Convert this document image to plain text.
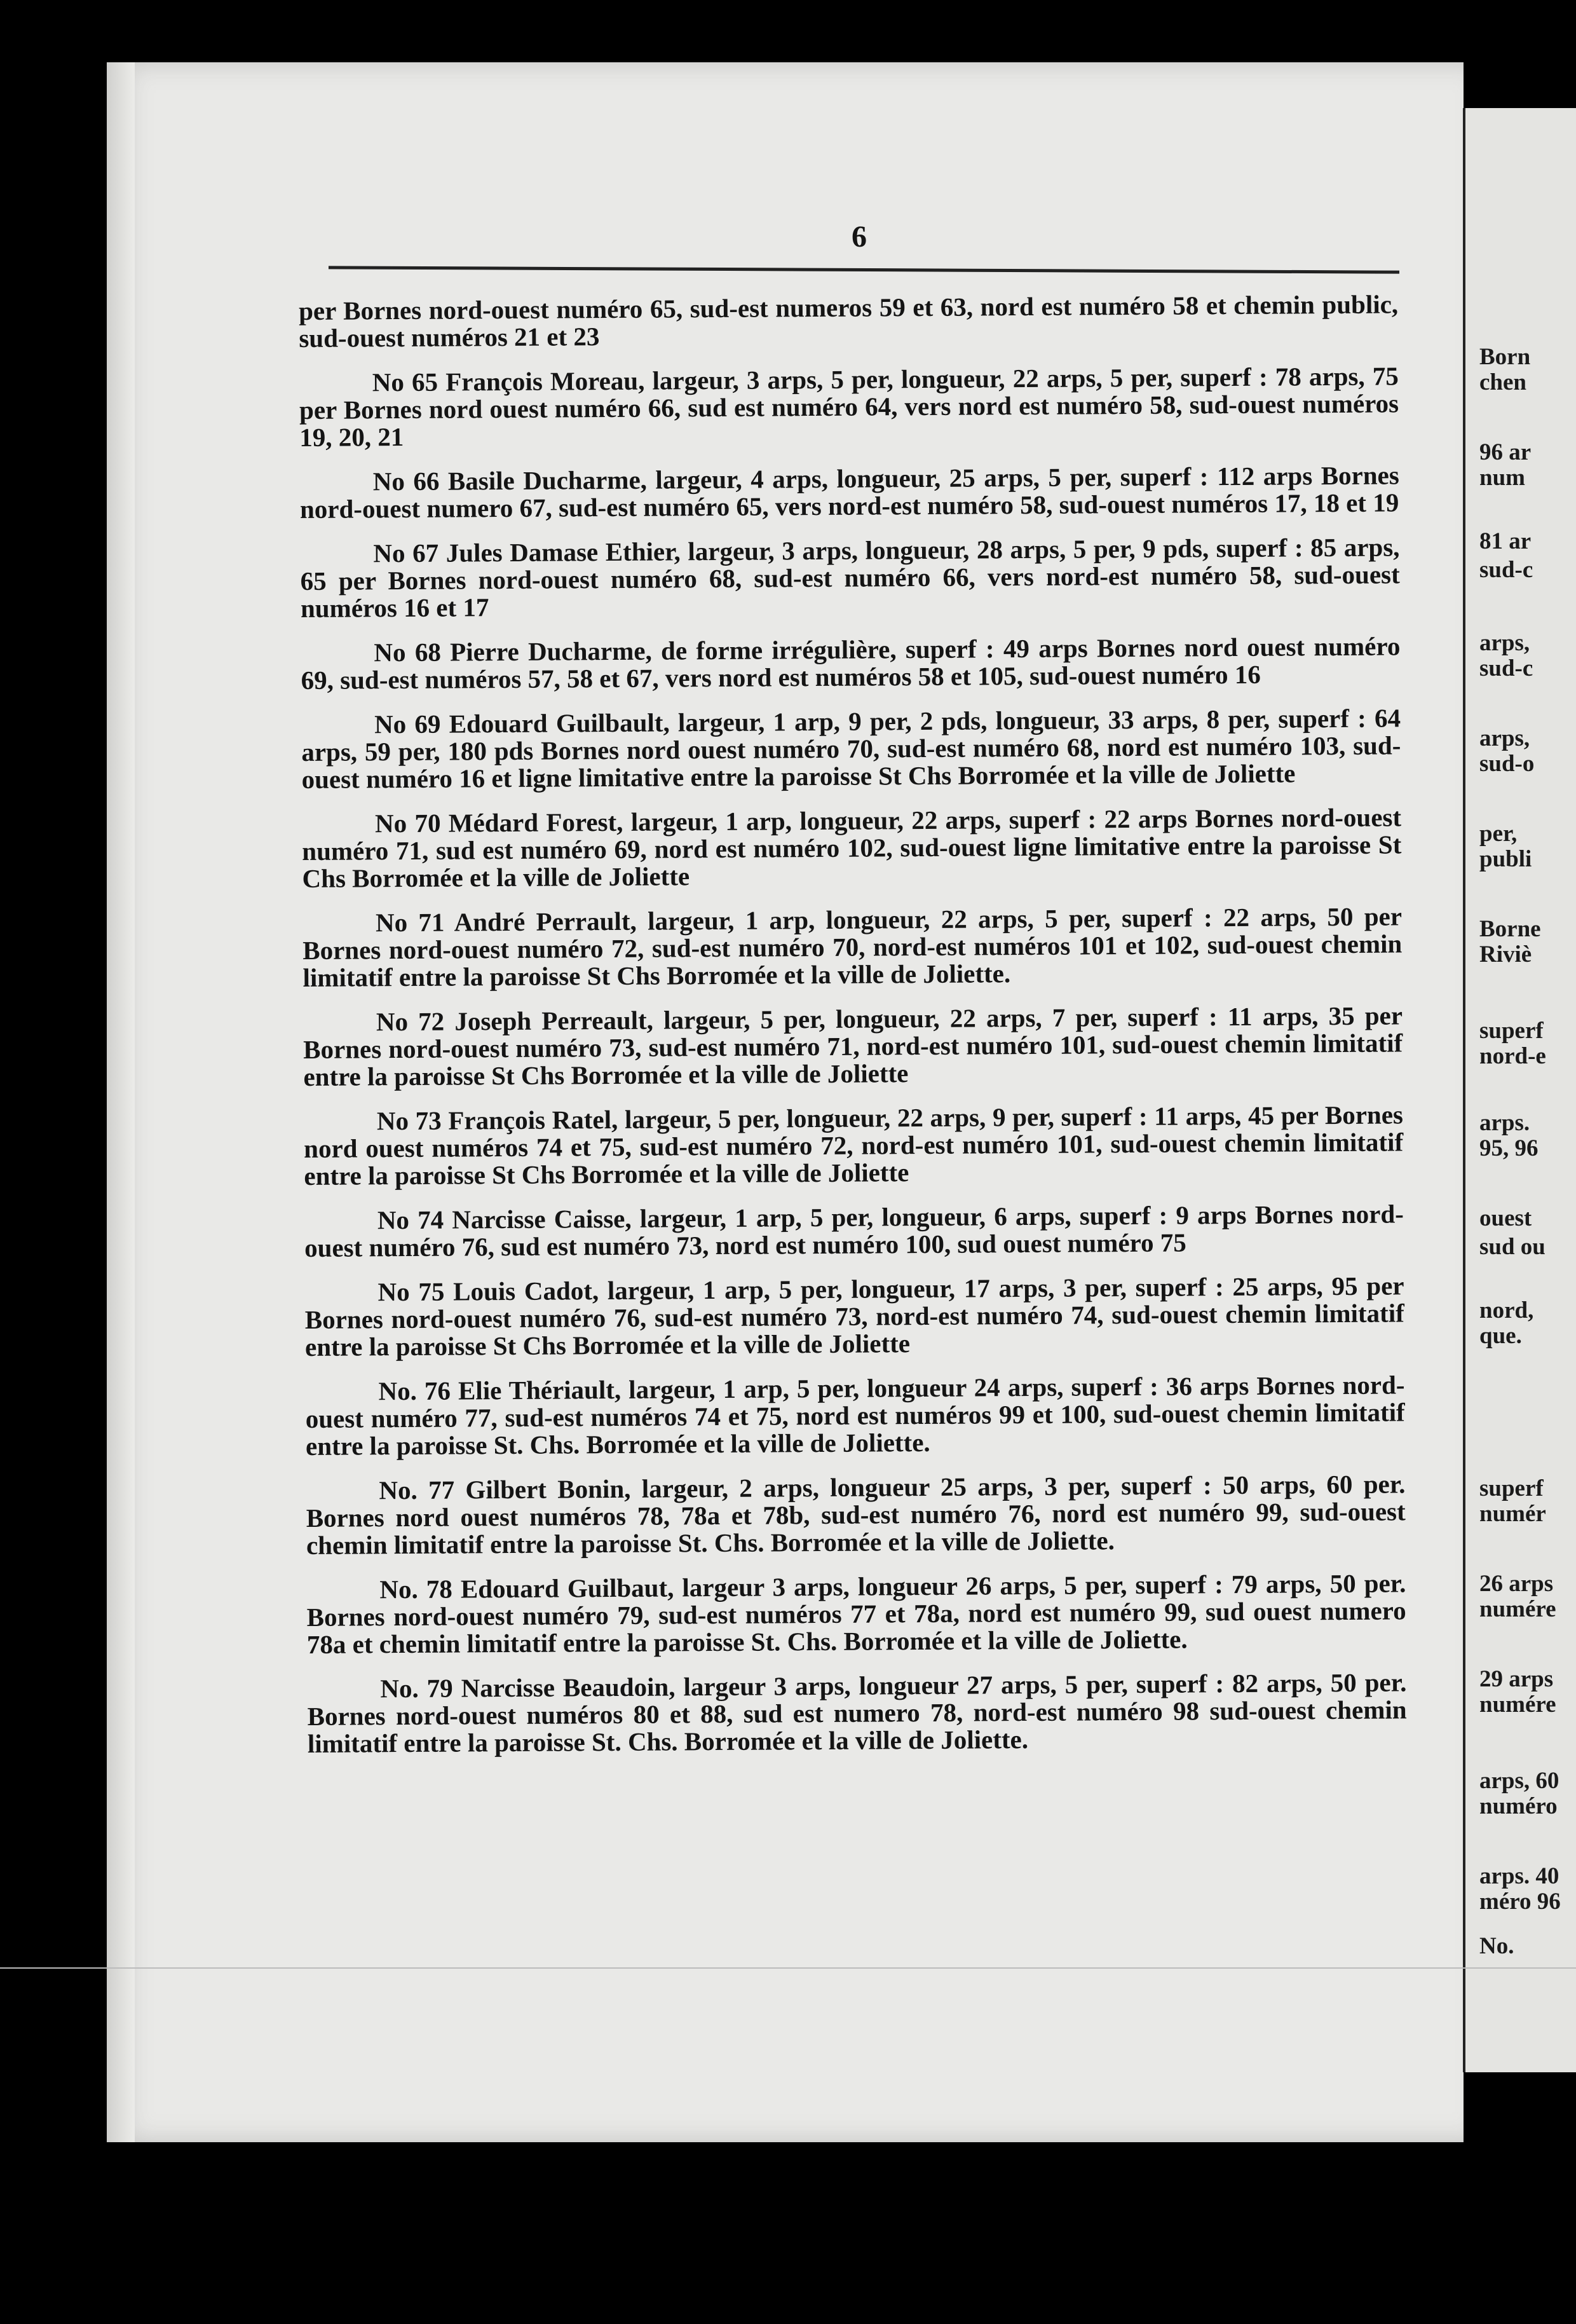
Born
chen
96 ar
num
81 ar
sud-c
arps,
sud-c
arps,
sud-o
per,
publi
Borne
Riviè
superf
nord-e
arps.
95, 96
ouest
sud ou
nord,
que.
superf
numér
26 arps
numére
29 arps
numére
arps, 60
numéro
arps. 40
méro 96
No.
6

per Bornes nord-ouest numéro 65, sud-est numeros 59 et 63, nord est numéro 58 et chemin public, sud-ouest numéros 21 et 23

No 65 François Moreau, largeur, 3 arps, 5 per, longueur, 22 arps, 5 per, superf : 78 arps, 75 per Bornes nord ouest numéro 66, sud est numéro 64, vers nord est numéro 58, sud-ouest numéros 19, 20, 21

No 66 Basile Ducharme, largeur, 4 arps, longueur, 25 arps, 5 per, superf : 112 arps Bornes nord-ouest numero 67, sud-est numéro 65, vers nord-est numéro 58, sud-ouest numéros 17, 18 et 19

No 67 Jules Damase Ethier, largeur, 3 arps, longueur, 28 arps, 5 per, 9 pds, superf : 85 arps, 65 per Bornes nord-ouest numéro 68, sud-est numéro 66, vers nord-est numéro 58, sud-ouest numéros 16 et 17

No 68 Pierre Ducharme, de forme irrégulière, superf : 49 arps Bornes nord ouest numéro 69, sud-est numéros 57, 58 et 67, vers nord est numéros 58 et 105, sud-ouest numéro 16

No 69 Edouard Guilbault, largeur, 1 arp, 9 per, 2 pds, longueur, 33 arps, 8 per, superf : 64 arps, 59 per, 180 pds Bornes nord ouest numéro 70, sud-est numéro 68, nord est numéro 103, sud-ouest numéro 16 et ligne limitative entre la paroisse St Chs Borromée et la ville de Joliette

No 70 Médard Forest, largeur, 1 arp, longueur, 22 arps, superf : 22 arps Bornes nord-ouest numéro 71, sud est numéro 69, nord est numéro 102, sud-ouest ligne limitative entre la paroisse St Chs Borromée et la ville de Joliette

No 71 André Perrault, largeur, 1 arp, longueur, 22 arps, 5 per, superf : 22 arps, 50 per Bornes nord-ouest numéro 72, sud-est numéro 70, nord-est numéros 101 et 102, sud-ouest chemin limitatif entre la paroisse St Chs Borromée et la ville de Joliette.

No 72 Joseph Perreault, largeur, 5 per, longueur, 22 arps, 7 per, superf : 11 arps, 35 per Bornes nord-ouest numéro 73, sud-est numéro 71, nord-est numéro 101, sud-ouest chemin limitatif entre la paroisse St Chs Borromée et la ville de Joliette

No 73 François Ratel, largeur, 5 per, longueur, 22 arps, 9 per, superf : 11 arps, 45 per Bornes nord ouest numéros 74 et 75, sud-est numéro 72, nord-est numéro 101, sud-ouest chemin limitatif entre la paroisse St Chs Borromée et la ville de Joliette

No 74 Narcisse Caisse, largeur, 1 arp, 5 per, longueur, 6 arps, superf : 9 arps Bornes nord-ouest numéro 76, sud est numéro 73, nord est numéro 100, sud ouest numéro 75

No 75 Louis Cadot, largeur, 1 arp, 5 per, longueur, 17 arps, 3 per, superf : 25 arps, 95 per Bornes nord-ouest numéro 76, sud-est numéro 73, nord-est numéro 74, sud-ouest chemin limitatif entre la paroisse St Chs Borromée et la ville de Joliette

No. 76 Elie Thériault, largeur, 1 arp, 5 per, longueur 24 arps, superf : 36 arps Bornes nord-ouest numéro 77, sud-est numéros 74 et 75, nord est numéros 99 et 100, sud-ouest chemin limitatif entre la paroisse St. Chs. Borromée et la ville de Joliette.

No. 77 Gilbert Bonin, largeur, 2 arps, longueur 25 arps, 3 per, superf : 50 arps, 60 per. Bornes nord ouest numéros 78, 78a et 78b, sud-est numéro 76, nord est numéro 99, sud-ouest chemin limitatif entre la paroisse St. Chs. Borromée et la ville de Joliette.

No. 78 Edouard Guilbaut, largeur 3 arps, longueur 26 arps, 5 per, superf : 79 arps, 50 per. Bornes nord-ouest numéro 79, sud-est numéros 77 et 78a, nord est numéro 99, sud ouest numero 78a et chemin limitatif entre la paroisse St. Chs. Borromée et la ville de Joliette.

No. 79 Narcisse Beaudoin, largeur 3 arps, longueur 27 arps, 5 per, superf : 82 arps, 50 per. Bornes nord-ouest numéros 80 et 88, sud est numero 78, nord-est numéro 98 sud-ouest chemin limitatif entre la paroisse St. Chs. Borromée et la ville de Joliette.
